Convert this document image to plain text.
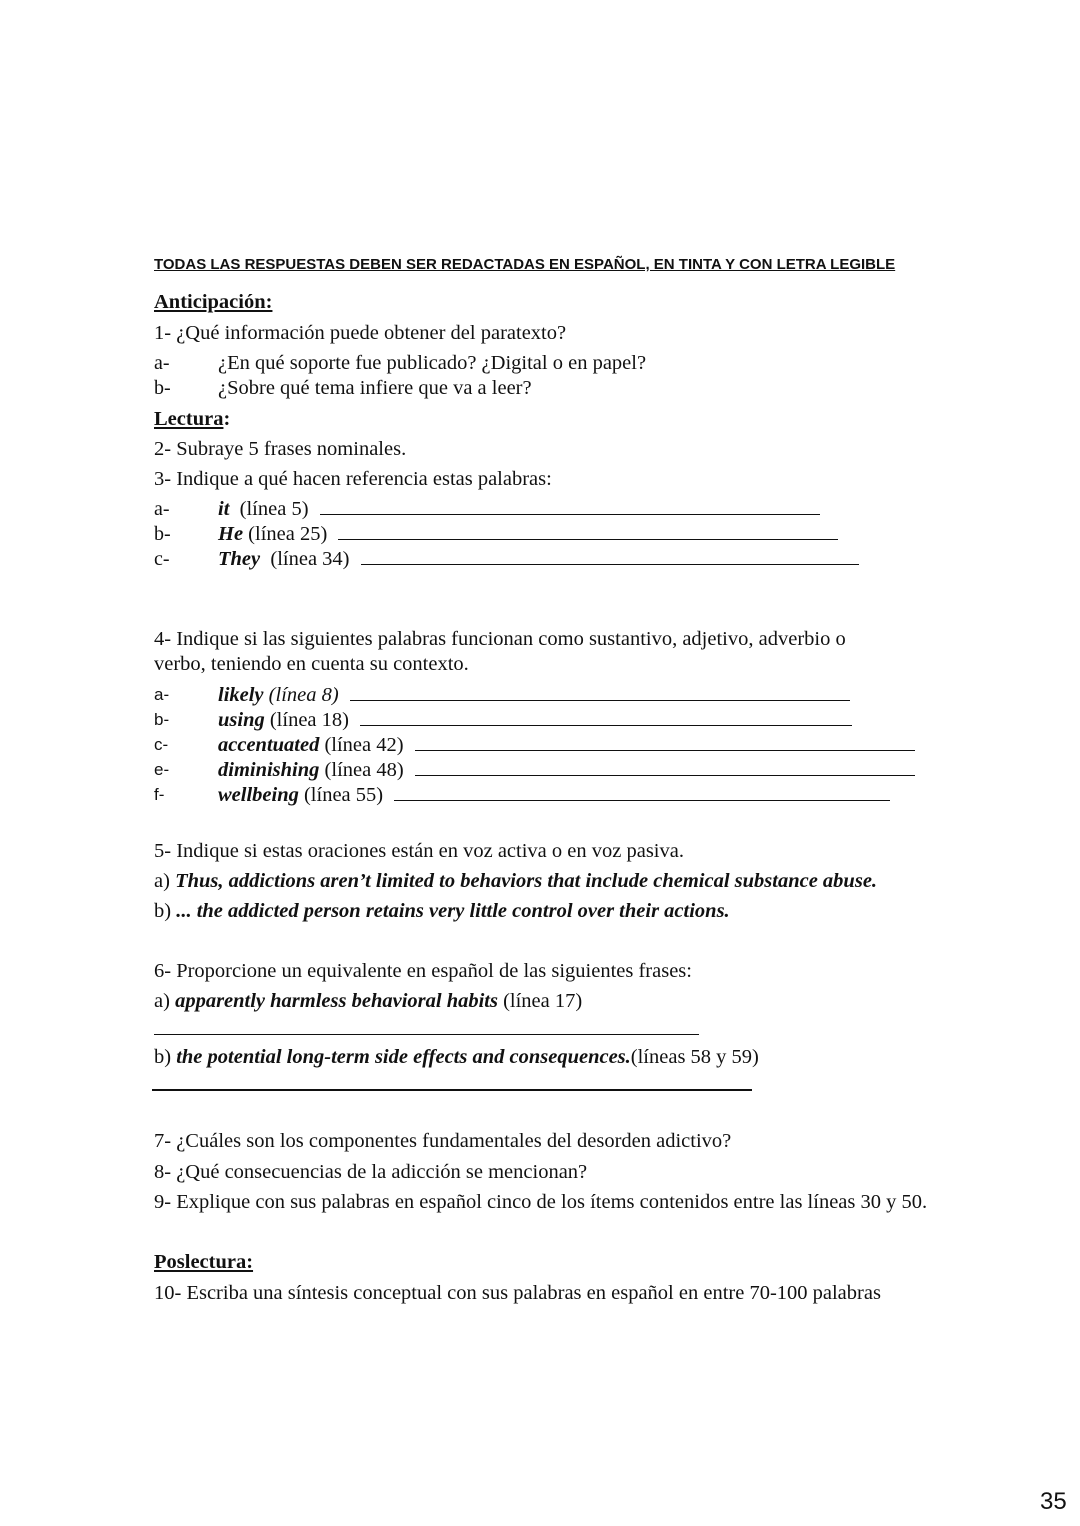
TODAS LAS RESPUESTAS DEBEN SER REDACTADAS EN ESPAÑOL, EN TINTA Y CON LETRA LEGIBLE
Anticipación:
1- ¿Qué información puede obtener del paratexto?
a-	¿En qué soporte fue publicado? ¿Digital o en papel?
b-	¿Sobre qué tema infiere que va a leer?
Lectura:
2- Subraye 5 frases nominales.
3- Indique a qué hacen referencia estas palabras:
a-	it (línea 5)
b-	He (línea 25)
c-	They (línea 34)
4- Indique si las siguientes palabras funcionan como sustantivo, adjetivo, adverbio o
verbo, teniendo en cuenta su contexto.
a-	likely (línea 8)
b-	using (línea 18)
c-	accentuated (línea 42)
e-	diminishing (línea 48)
f-	wellbeing (línea 55)
5- Indique si estas oraciones están en voz activa o en voz pasiva.
a) Thus, addictions aren’t limited to behaviors that include chemical substance abuse.
b) ... the addicted person retains very little control over their actions.
6- Proporcione un equivalente en español de las siguientes frases:
a) apparently harmless behavioral habits (línea 17)
b) the potential long-term side effects and consequences.(líneas 58 y 59)
7- ¿Cuáles son los componentes fundamentales del desorden adictivo?
8- ¿Qué consecuencias de la adicción se mencionan?
9- Explique con sus palabras en español cinco de los ítems contenidos entre las líneas 30 y 50.
Poslectura:
10- Escriba una síntesis conceptual con sus palabras en español en entre 70-100 palabras
35
